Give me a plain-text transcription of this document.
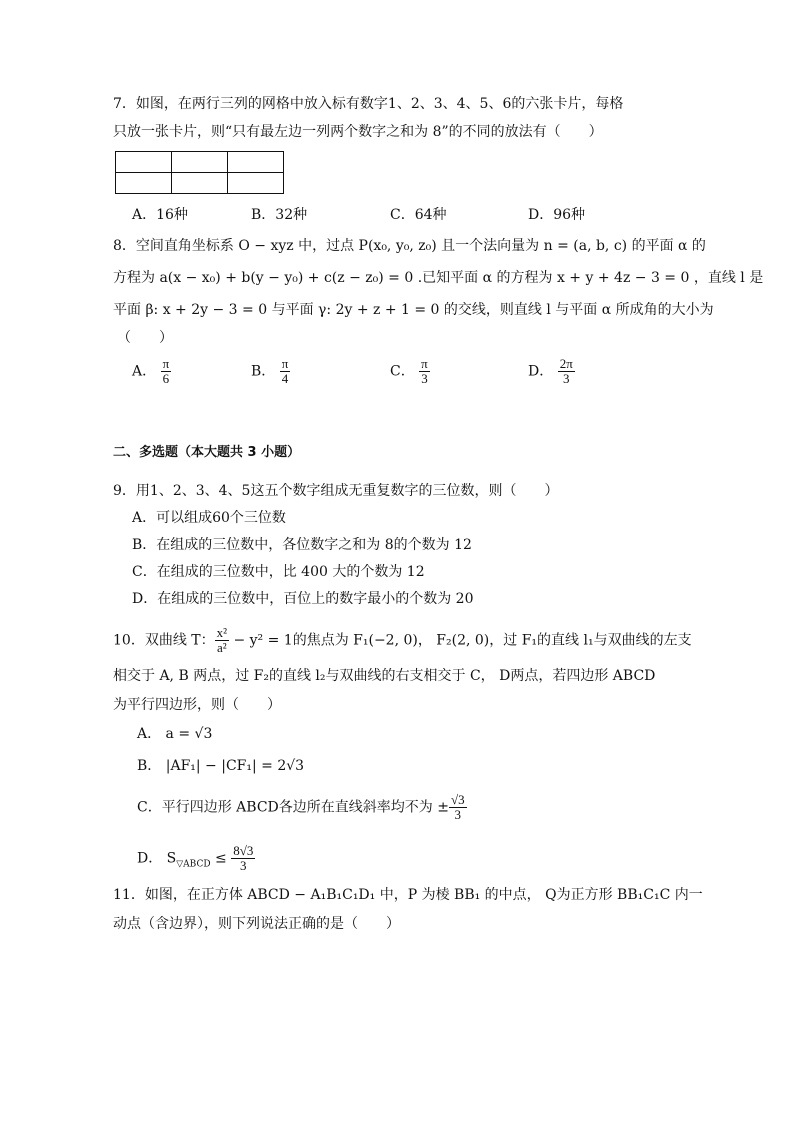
7．如图，在两行三列的网格中放入标有数字1、2、3、4、5、6的六张卡片，每格
只放一张卡片，则“只有最左边一列两个数字之和为 8”的不同的放法有（　　）

A．16种	B．32种	C．64种	D．96种
8．空间直角坐标系 O − xyz 中，过点 P(x₀, y₀, z₀) 且一个法向量为 n = (a, b, c) 的平面 α 的
方程为 a(x − x₀) + b(y − y₀) + c(z − z₀) = 0 .已知平面 α 的方程为 x + y + 4z − 3 = 0 ，直线 l 是
平面 β: x + 2y − 3 = 0 与平面 γ: 2y + z + 1 = 0 的交线，则直线 l 与平面 α 所成角的大小为
（　　）
A． $\frac{\pi}{6}$	B． $\frac{\pi}{4}$	C． $\frac{\pi}{3}$	D． $\frac{2\pi}{3}$
二、多选题（本大题共 3 小题）
9．用1、2、3、4、5这五个数字组成无重复数字的三位数，则（　　）
A．可以组成60个三位数
B．在组成的三位数中，各位数字之和为 8的个数为 12
C．在组成的三位数中，比 400 大的个数为 12
D．在组成的三位数中，百位上的数字最小的个数为 20
10．双曲线 T： $\frac{\text{x²}}{\text{a²}} - y^2 = 1$的焦点为 F₁(−2, 0)， F₂(2, 0)，过 F₁的直线 l₁与双曲线的左支
相交于 A, B 两点，过 F₂的直线 l₂与双曲线的右支相交于 C， D两点，若四边形 ABCD
为平行四边形，则（　　）
A． a = √3
B． |AF₁| − |CF₁| = 2√3
C．平行四边形 ABCD各边所在直线斜率均不为 ± $\frac{√3}{3}$
D． $S_{▽ABCD} \le \frac{8√3}{3}$
11．如图，在正方体 ABCD − A₁B₁C₁D₁ 中，P 为棱 BB₁ 的中点， Q为正方形 BB₁C₁C 内一
动点（含边界），则下列说法正确的是（　　）
